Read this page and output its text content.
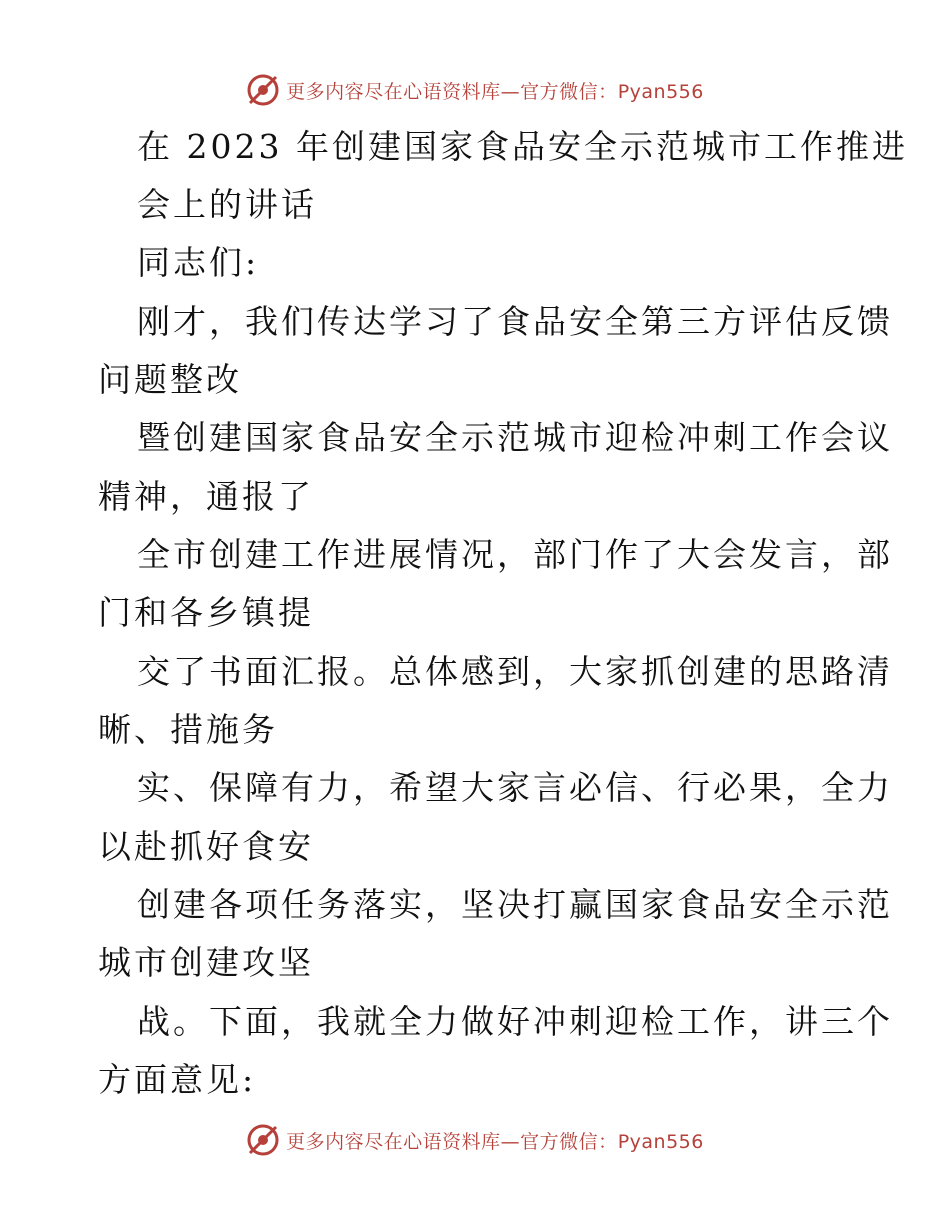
更多内容尽在心语资料库—官方微信：Pyan556
在 2023 年创建国家食品安全示范城市工作推进
会上的讲话
同志们:
刚才，我们传达学习了食品安全第三方评估反馈
问题整改
暨创建国家食品安全示范城市迎检冲刺工作会议
精神，通报了
全市创建工作进展情况，部门作了大会发言，部
门和各乡镇提
交了书面汇报。总体感到，大家抓创建的思路清
晰、措施务
实、保障有力，希望大家言必信、行必果，全力
以赴抓好食安
创建各项任务落实，坚决打赢国家食品安全示范
城市创建攻坚
战。下面，我就全力做好冲刺迎检工作，讲三个
方面意见:
更多内容尽在心语资料库—官方微信：Pyan556
